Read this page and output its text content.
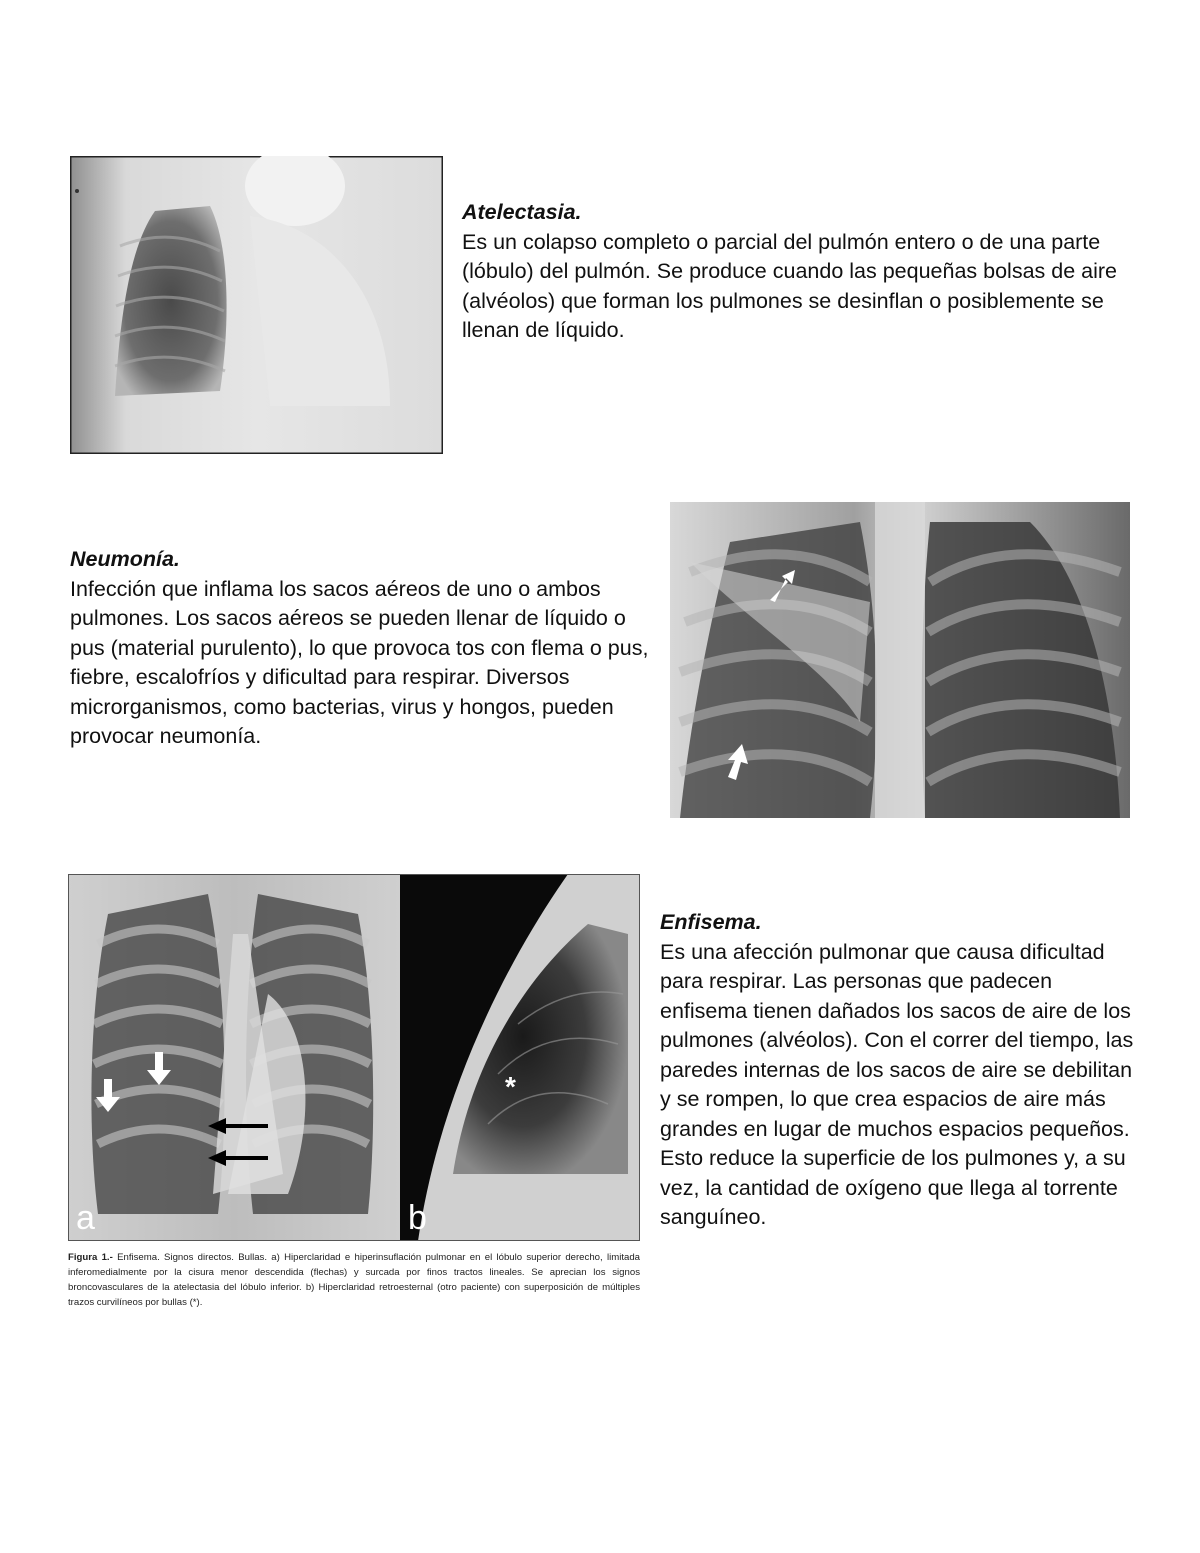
Atelectasia.
Es un colapso completo o parcial del pulmón entero o de una parte (lóbulo) del pulmón. Se produce cuando las pequeñas bolsas de aire (alvéolos) que forman los pulmones se desinflan o posiblemente se llenan de líquido.
Neumonía.
Infección que inflama los sacos aéreos de uno o ambos pulmones. Los sacos aéreos se pueden llenar de líquido o pus (material purulento), lo que provoca tos con flema o pus, fiebre, escalofríos y dificultad para respirar. Diversos microrganismos, como bacterias, virus y hongos, pueden provocar neumonía.
a
*
b
Figura 1.- Enfisema. Signos directos. Bullas. a) Hiperclaridad e hiperinsuflación pulmonar en el lóbulo superior derecho, limitada inferomedialmente por la cisura menor descendida (flechas) y surcada por finos tractos lineales. Se aprecian los signos broncovasculares de la atelectasia del lóbulo inferior. b) Hiperclaridad retroesternal (otro paciente) con superposición de múltiples trazos curvilíneos por bullas (*).
Enfisema.
Es una afección pulmonar que causa dificultad para respirar. Las personas que padecen enfisema tienen dañados los sacos de aire de los pulmones (alvéolos). Con el correr del tiempo, las paredes internas de los sacos de aire se debilitan y se rompen, lo que crea espacios de aire más grandes en lugar de muchos espacios pequeños. Esto reduce la superficie de los pulmones y, a su vez, la cantidad de oxígeno que llega al torrente sanguíneo.
